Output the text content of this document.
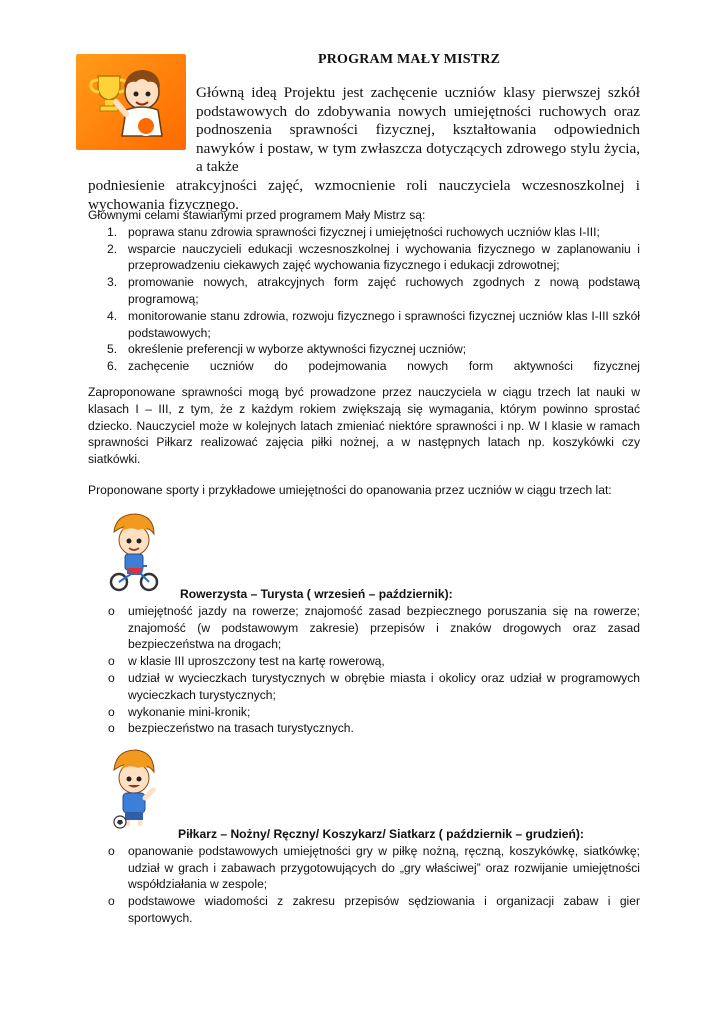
PROGRAM MAŁY MISTRZ

Główną ideą Projektu jest zachęcenie uczniów klasy pierwszej szkół podstawowych do zdobywania nowych umiejętności ruchowych oraz podnoszenia sprawności fizycznej, kształtowania odpowiednich nawyków i postaw, w tym zwłaszcza dotyczących zdrowego stylu życia, a także

podniesienie atrakcyjności zajęć, wzmocnienie roli nauczyciela wczesnoszkolnej i wychowania fizycznego.

Głównymi celami stawianymi przed programem Mały Mistrz są:

1. poprawa stanu zdrowia sprawności fizycznej i umiejętności ruchowych uczniów klas I-III;
2. wsparcie nauczycieli edukacji wczesnoszkolnej i wychowania fizycznego w zaplanowaniu i przeprowadzeniu ciekawych zajęć wychowania fizycznego i edukacji zdrowotnej;
3. promowanie nowych, atrakcyjnych form zajęć ruchowych zgodnych z nową podstawą programową;
4. monitorowanie stanu zdrowia, rozwoju fizycznego i sprawności fizycznej uczniów klas I-III szkół podstawowych;
5. określenie preferencji w wyborze aktywności fizycznej uczniów;
6. zachęcenie uczniów do podejmowania nowych form aktywności fizycznej

Zaproponowane sprawności mogą być prowadzone przez nauczyciela w ciągu trzech lat nauki w klasach I – III, z tym, że z każdym rokiem zwiększają się wymagania, którym powinno sprostać dziecko. Nauczyciel może w kolejnych latach zmieniać niektóre sprawności i np. W I klasie w ramach sprawności Piłkarz realizować zajęcia piłki nożnej, a w następnych latach np. koszykówki czy siatkówki.

Proponowane sporty i przykładowe umiejętności do opanowania przez uczniów w ciągu trzech lat:

Rowerzysta – Turysta ( wrzesień – październik):

o umiejętność jazdy na rowerze; znajomość zasad bezpiecznego poruszania się na rowerze; znajomość (w podstawowym zakresie) przepisów i znaków drogowych oraz zasad bezpieczeństwa na drogach;
o w klasie III uproszczony test na kartę rowerową,
o udział w wycieczkach turystycznych w obrębie miasta i okolicy oraz udział w programowych wycieczkach turystycznych;
o wykonanie mini-kronik;
o bezpieczeństwo na trasach turystycznych.

Piłkarz – Nożny/ Ręczny/ Koszykarz/ Siatkarz ( październik – grudzień):

o opanowanie podstawowych umiejętności gry w piłkę nożną, ręczną, koszykówkę, siatkówkę; udział w grach i zabawach przygotowujących do „gry właściwej” oraz rozwijanie umiejętności współdziałania w zespole;
o podstawowe wiadomości z zakresu przepisów sędziowania i organizacji zabaw i gier sportowych.
